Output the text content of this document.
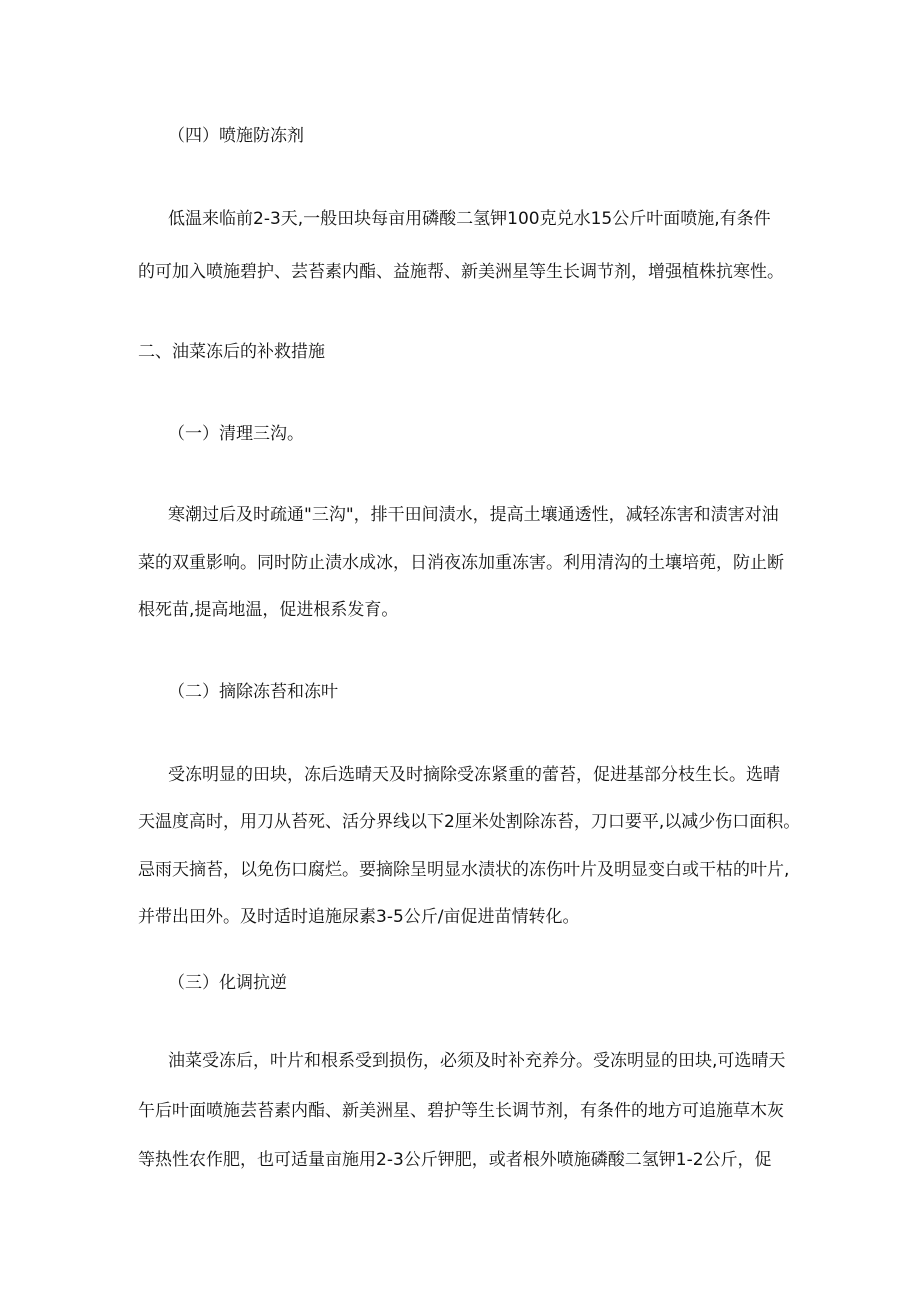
（四）喷施防冻剂
低温来临前2-3天,一般田块每亩用磷酸二氢钾100克兑水15公斤叶面喷施,有条件
的可加入喷施碧护、芸苔素内酯、益施帮、新美洲星等生长调节剂，增强植株抗寒性。
二、油菜冻后的补救措施
（一）清理三沟。
寒潮过后及时疏通"三沟"，排干田间渍水，提高土壤通透性，减轻冻害和渍害对油
菜的双重影响。同时防止渍水成冰，日消夜冻加重冻害。利用清沟的土壤培蔸，防止断
根死苗,提高地温，促进根系发育。
（二）摘除冻苔和冻叶
受冻明显的田块，冻后选晴天及时摘除受冻紧重的蕾苔，促进基部分枝生长。选晴
天温度高时，用刀从苔死、活分界线以下2厘米处割除冻苔，刀口要平,以减少伤口面积。
忌雨天摘苔，以免伤口腐烂。要摘除呈明显水渍状的冻伤叶片及明显变白或干枯的叶片,
并带出田外。及时适时追施尿素3-5公斤/亩促进苗情转化。
（三）化调抗逆
油菜受冻后，叶片和根系受到损伤，必须及时补充养分。受冻明显的田块,可选晴天
午后叶面喷施芸苔素内酯、新美洲星、碧护等生长调节剂，有条件的地方可追施草木灰
等热性农作肥，也可适量亩施用2-3公斤钾肥，或者根外喷施磷酸二氢钾1-2公斤，促
